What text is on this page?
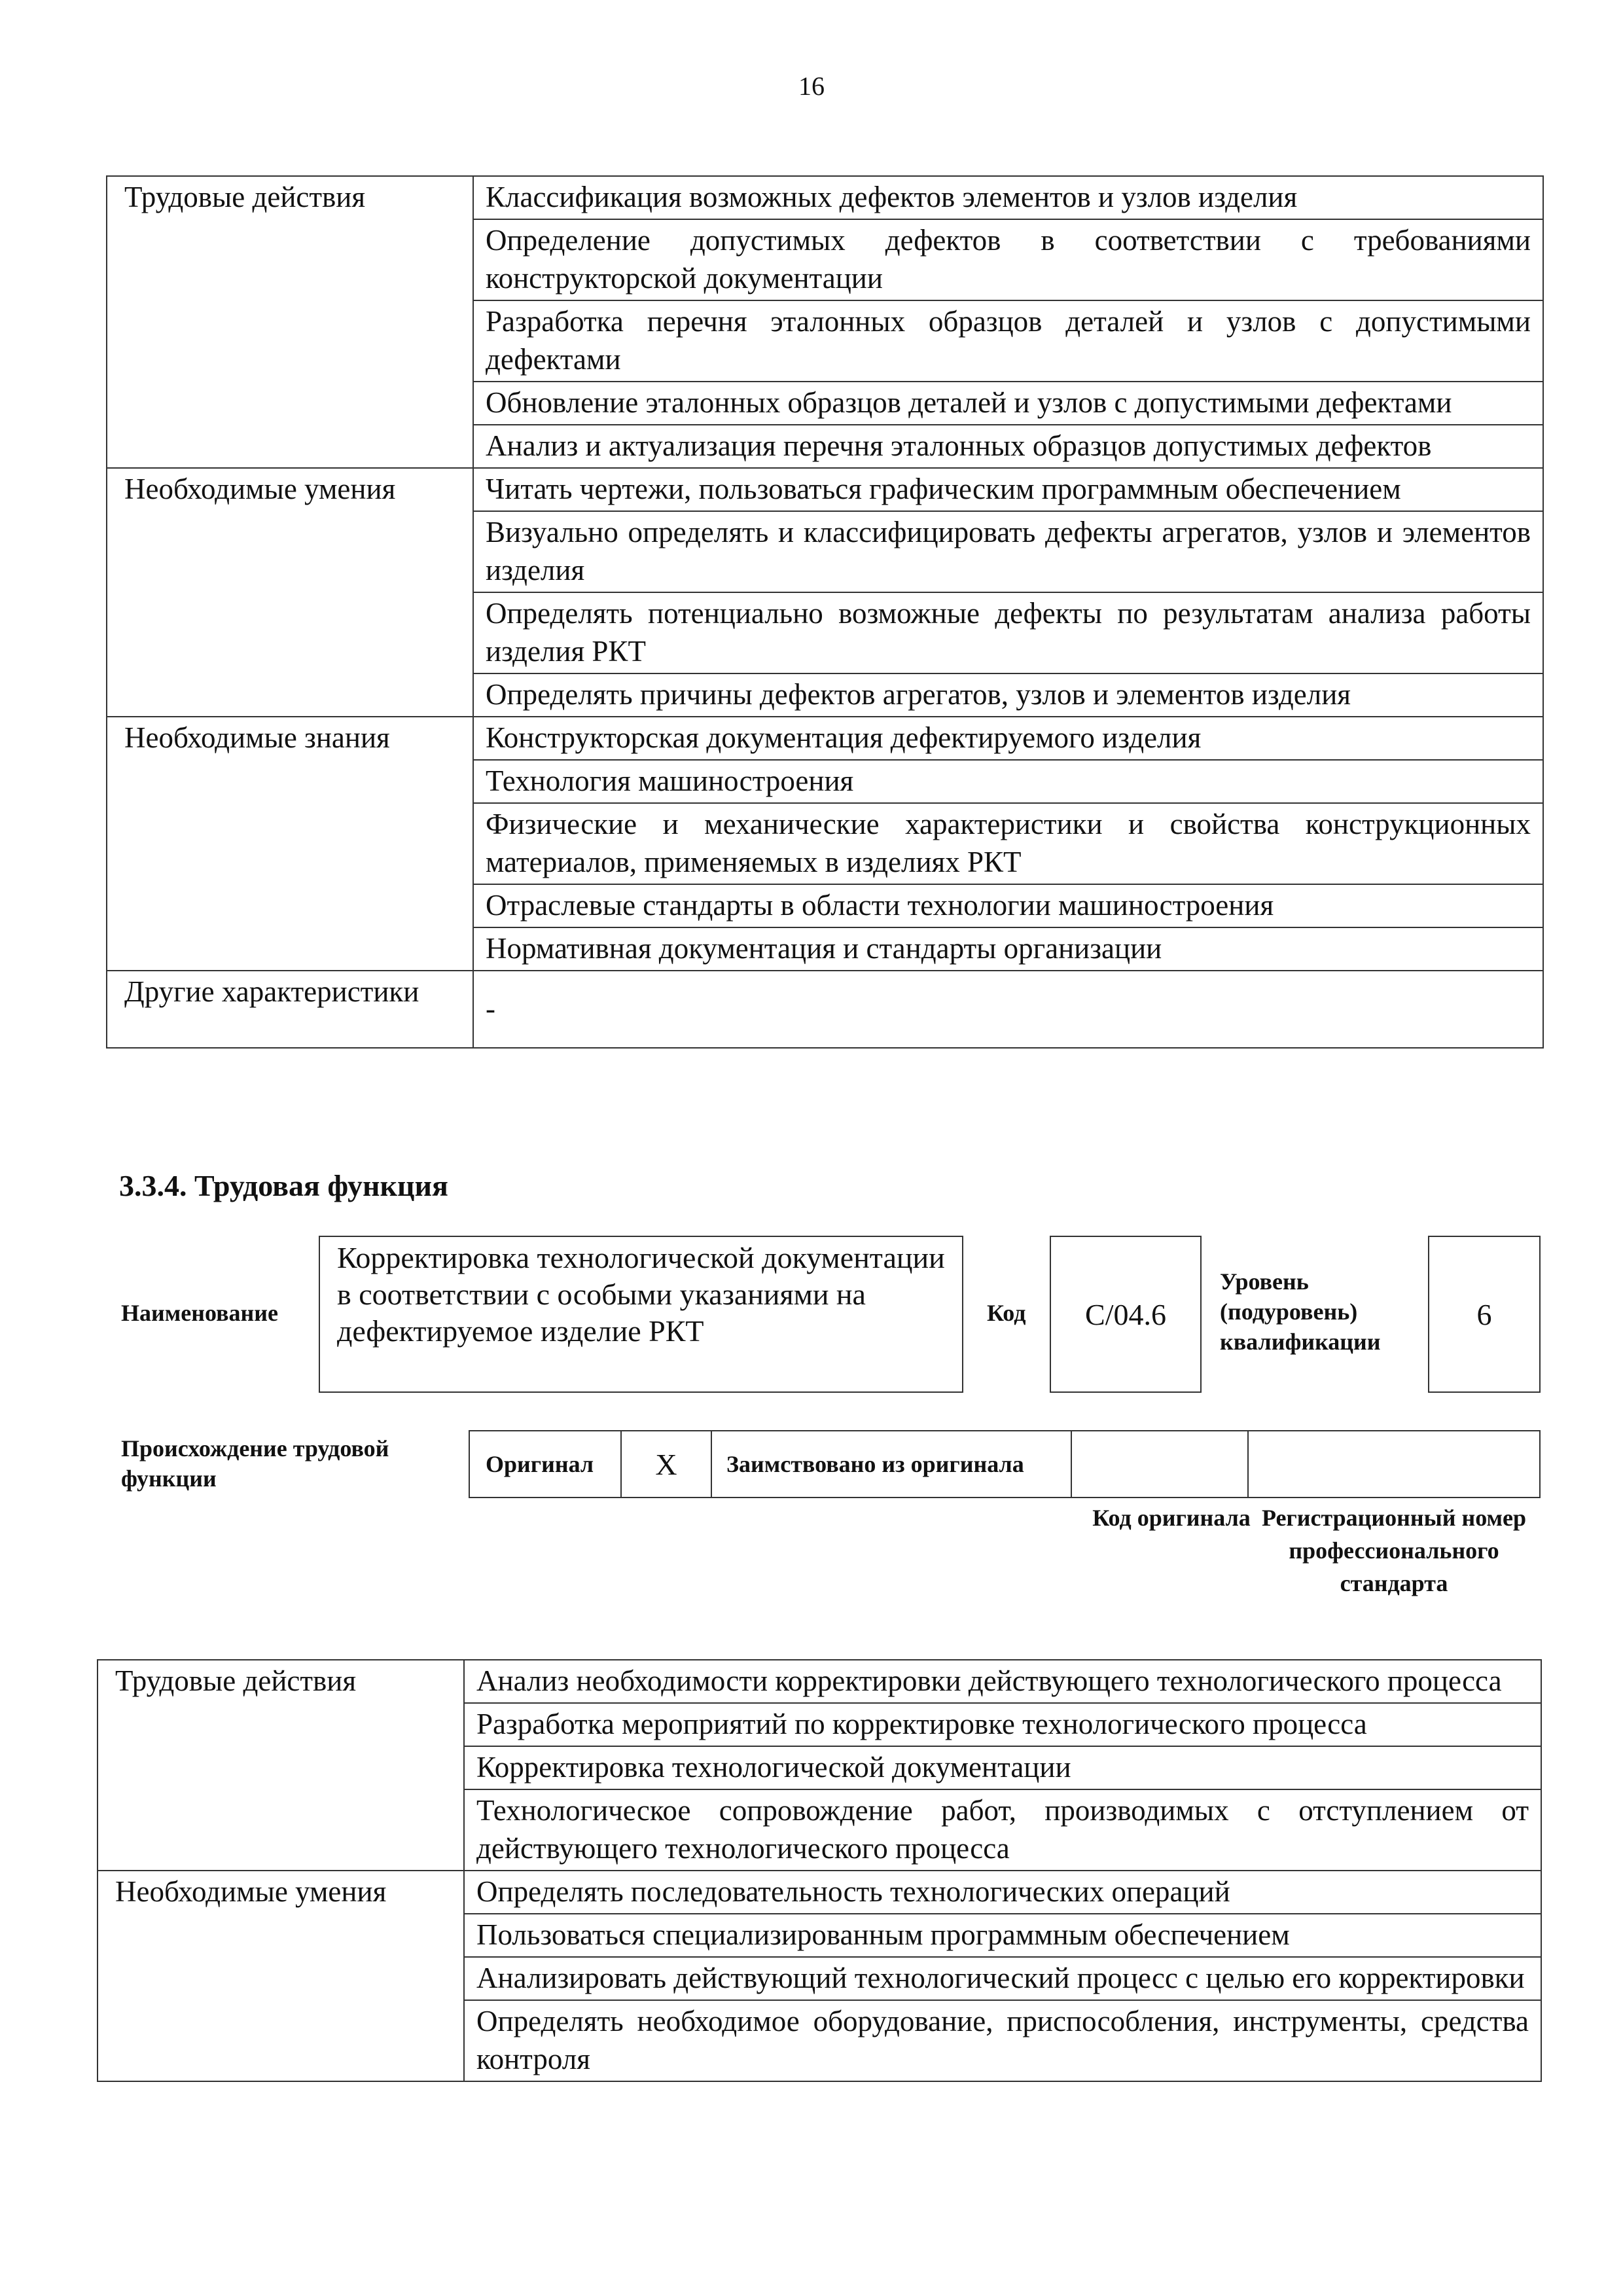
16
Трудовые действия	Классификация возможных дефектов элементов и узлов изделия
	Определение допустимых дефектов в соответствии с требованиями конструкторской документации
	Разработка перечня эталонных образцов деталей и узлов с допустимыми дефектами
	Обновление эталонных образцов деталей и узлов с допустимыми дефектами
	Анализ и актуализация перечня эталонных образцов допустимых дефектов
Необходимые умения	Читать чертежи, пользоваться графическим программным обеспечением
	Визуально определять и классифицировать дефекты агрегатов, узлов и элементов изделия
	Определять потенциально возможные дефекты по результатам анализа работы изделия РКТ
	Определять причины дефектов агрегатов, узлов и элементов изделия
Необходимые знания	Конструкторская документация дефектируемого изделия
	Технология машиностроения
	Физические и механические характеристики и свойства конструкционных материалов, применяемых в изделиях РКТ
	Отраслевые стандарты в области технологии машиностроения
	Нормативная документация и стандарты организации
Другие характеристики	-
3.3.4. Трудовая функция
Наименование
Корректировка технологической документации в соответствии с особыми указаниями на дефектируемое изделие РКТ
Код	C/04.6
Уровень (подуровень) квалификации
6
Происхождение трудовой функции
Оригинал	X	Заимствовано из оригинала
Код оригинала Регистрационный номер профессионального стандарта
Трудовые действия	Анализ необходимости корректировки действующего технологического процесса
	Разработка мероприятий по корректировке технологического процесса
	Корректировка технологической документации
	Технологическое сопровождение работ, производимых с отступлением от действующего технологического процесса
Необходимые умения	Определять последовательность технологических операций
	Пользоваться специализированным программным обеспечением
	Анализировать действующий технологический процесс с целью его корректировки
	Определять необходимое оборудование, приспособления, инструменты, средства контроля
